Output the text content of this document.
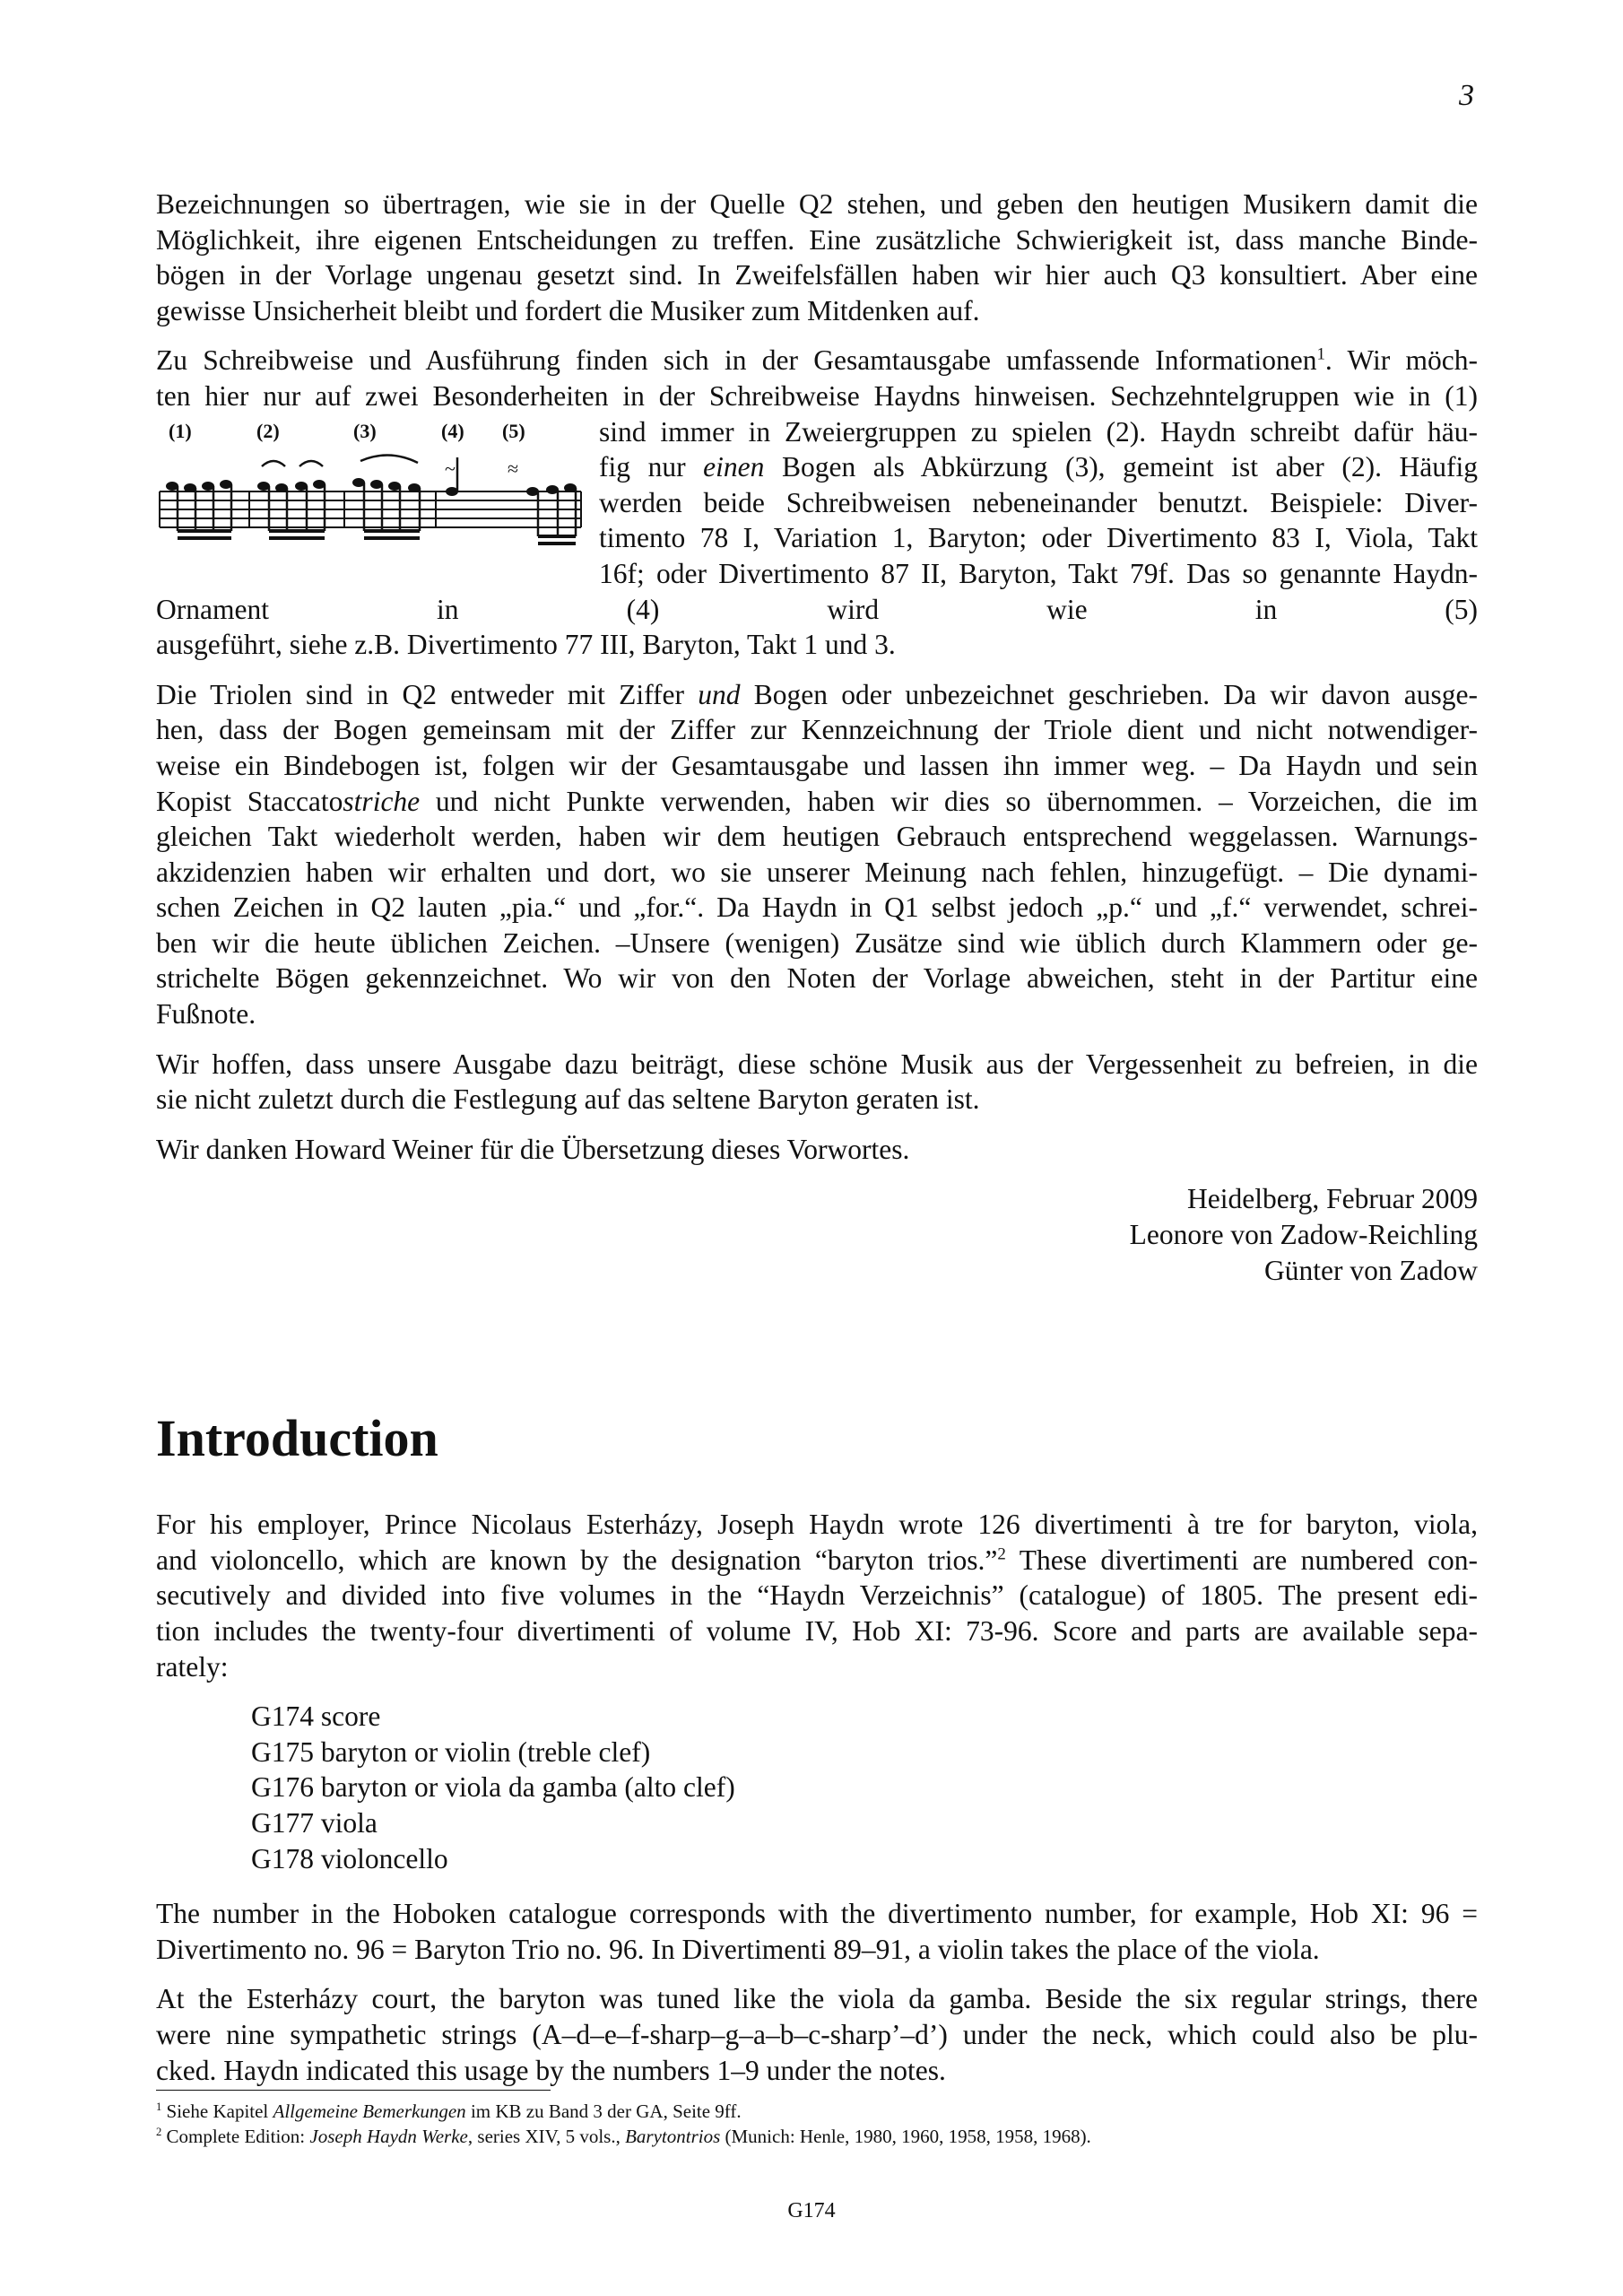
3

Bezeichnungen so übertragen, wie sie in der Quelle Q2 stehen, und geben den heutigen Musikern damit die
Möglichkeit, ihre eigenen Entscheidungen zu treffen. Eine zusätzliche Schwierigkeit ist, dass manche Binde-
bögen in der Vorlage ungenau gesetzt sind. In Zweifelsfällen haben wir hier auch Q3 konsultiert. Aber eine
gewisse Unsicherheit bleibt und fordert die Musiker zum Mitdenken auf.

Zu Schreibweise und Ausführung finden sich in der Gesamtausgabe umfassende Informationen$^1$. Wir möch-
ten hier nur auf zwei Besonderheiten in der Schreibweise Haydns hinweisen. Sechzehntelgruppen wie in (1)
(1)	(2)	(3)	(4) (5)
~	≈
sind immer in Zweiergruppen zu spielen (2). Haydn schreibt dafür häu-
fig nur einen Bogen als Abkürzung (3), gemeint ist aber (2). Häufig
werden beide Schreibweisen nebeneinander benutzt. Beispiele: Diver-
timento 78 I, Variation 1, Baryton; oder Divertimento 83 I, Viola, Takt
16f; oder Divertimento 87 II, Baryton, Takt 79f. Das so genannte Haydn-Ornament in (4) wird wie in (5)
ausgeführt, siehe z.B. Divertimento 77 III, Baryton, Takt 1 und 3.

Die Triolen sind in Q2 entweder mit Ziffer und Bogen oder unbezeichnet geschrieben. Da wir davon ausge-
hen, dass der Bogen gemeinsam mit der Ziffer zur Kennzeichnung der Triole dient und nicht notwendiger-
weise ein Bindebogen ist, folgen wir der Gesamtausgabe und lassen ihn immer weg. – Da Haydn und sein
Kopist Staccatostriche und nicht Punkte verwenden, haben wir dies so übernommen. – Vorzeichen, die im
gleichen Takt wiederholt werden, haben wir dem heutigen Gebrauch entsprechend weggelassen. Warnungs-
akzidenzien haben wir erhalten und dort, wo sie unserer Meinung nach fehlen, hinzugefügt. – Die dynami-
schen Zeichen in Q2 lauten „pia.“ und „for.“. Da Haydn in Q1 selbst jedoch „p.“ und „f.“ verwendet, schrei-
ben wir die heute üblichen Zeichen. –Unsere (wenigen) Zusätze sind wie üblich durch Klammern oder ge-
strichelte Bögen gekennzeichnet. Wo wir von den Noten der Vorlage abweichen, steht in der Partitur eine
Fußnote.

Wir hoffen, dass unsere Ausgabe dazu beiträgt, diese schöne Musik aus der Vergessenheit zu befreien, in die
sie nicht zuletzt durch die Festlegung auf das seltene Baryton geraten ist.

Wir danken Howard Weiner für die Übersetzung dieses Vorwortes.

Heidelberg, Februar 2009
Leonore von Zadow-Reichling
Günter von Zadow
Introduction

For his employer, Prince Nicolaus Esterházy, Joseph Haydn wrote 126 divertimenti à tre for baryton, viola,
and violoncello, which are known by the designation “baryton trios.”$^2$ These divertimenti are numbered con-
secutively and divided into five volumes in the “Haydn Verzeichnis” (catalogue) of 1805. The present edi-
tion includes the twenty-four divertimenti of volume IV, Hob XI: 73-96. Score and parts are available sepa-
rately:

G174 score
G175 baryton or violin (treble clef)
G176 baryton or viola da gamba (alto clef)
G177 viola
G178 violoncello

The number in the Hoboken catalogue corresponds with the divertimento number, for example, Hob XI: 96 =
Divertimento no. 96 = Baryton Trio no. 96. In Divertimenti 89–91, a violin takes the place of the viola.

At the Esterházy court, the baryton was tuned like the viola da gamba. Beside the six regular strings, there
were nine sympathetic strings (A–d–e–f-sharp–g–a–b–c-sharp’–d’) under the neck, which could also be plu-
cked. Haydn indicated this usage by the numbers 1–9 under the notes.

$^1$ Siehe Kapitel Allgemeine Bemerkungen im KB zu Band 3 der GA, Seite 9ff.
$^2$ Complete Edition: Joseph Haydn Werke, series XIV, 5 vols., Barytontrios (Munich: Henle, 1980, 1960, 1958, 1958, 1968).
G174
